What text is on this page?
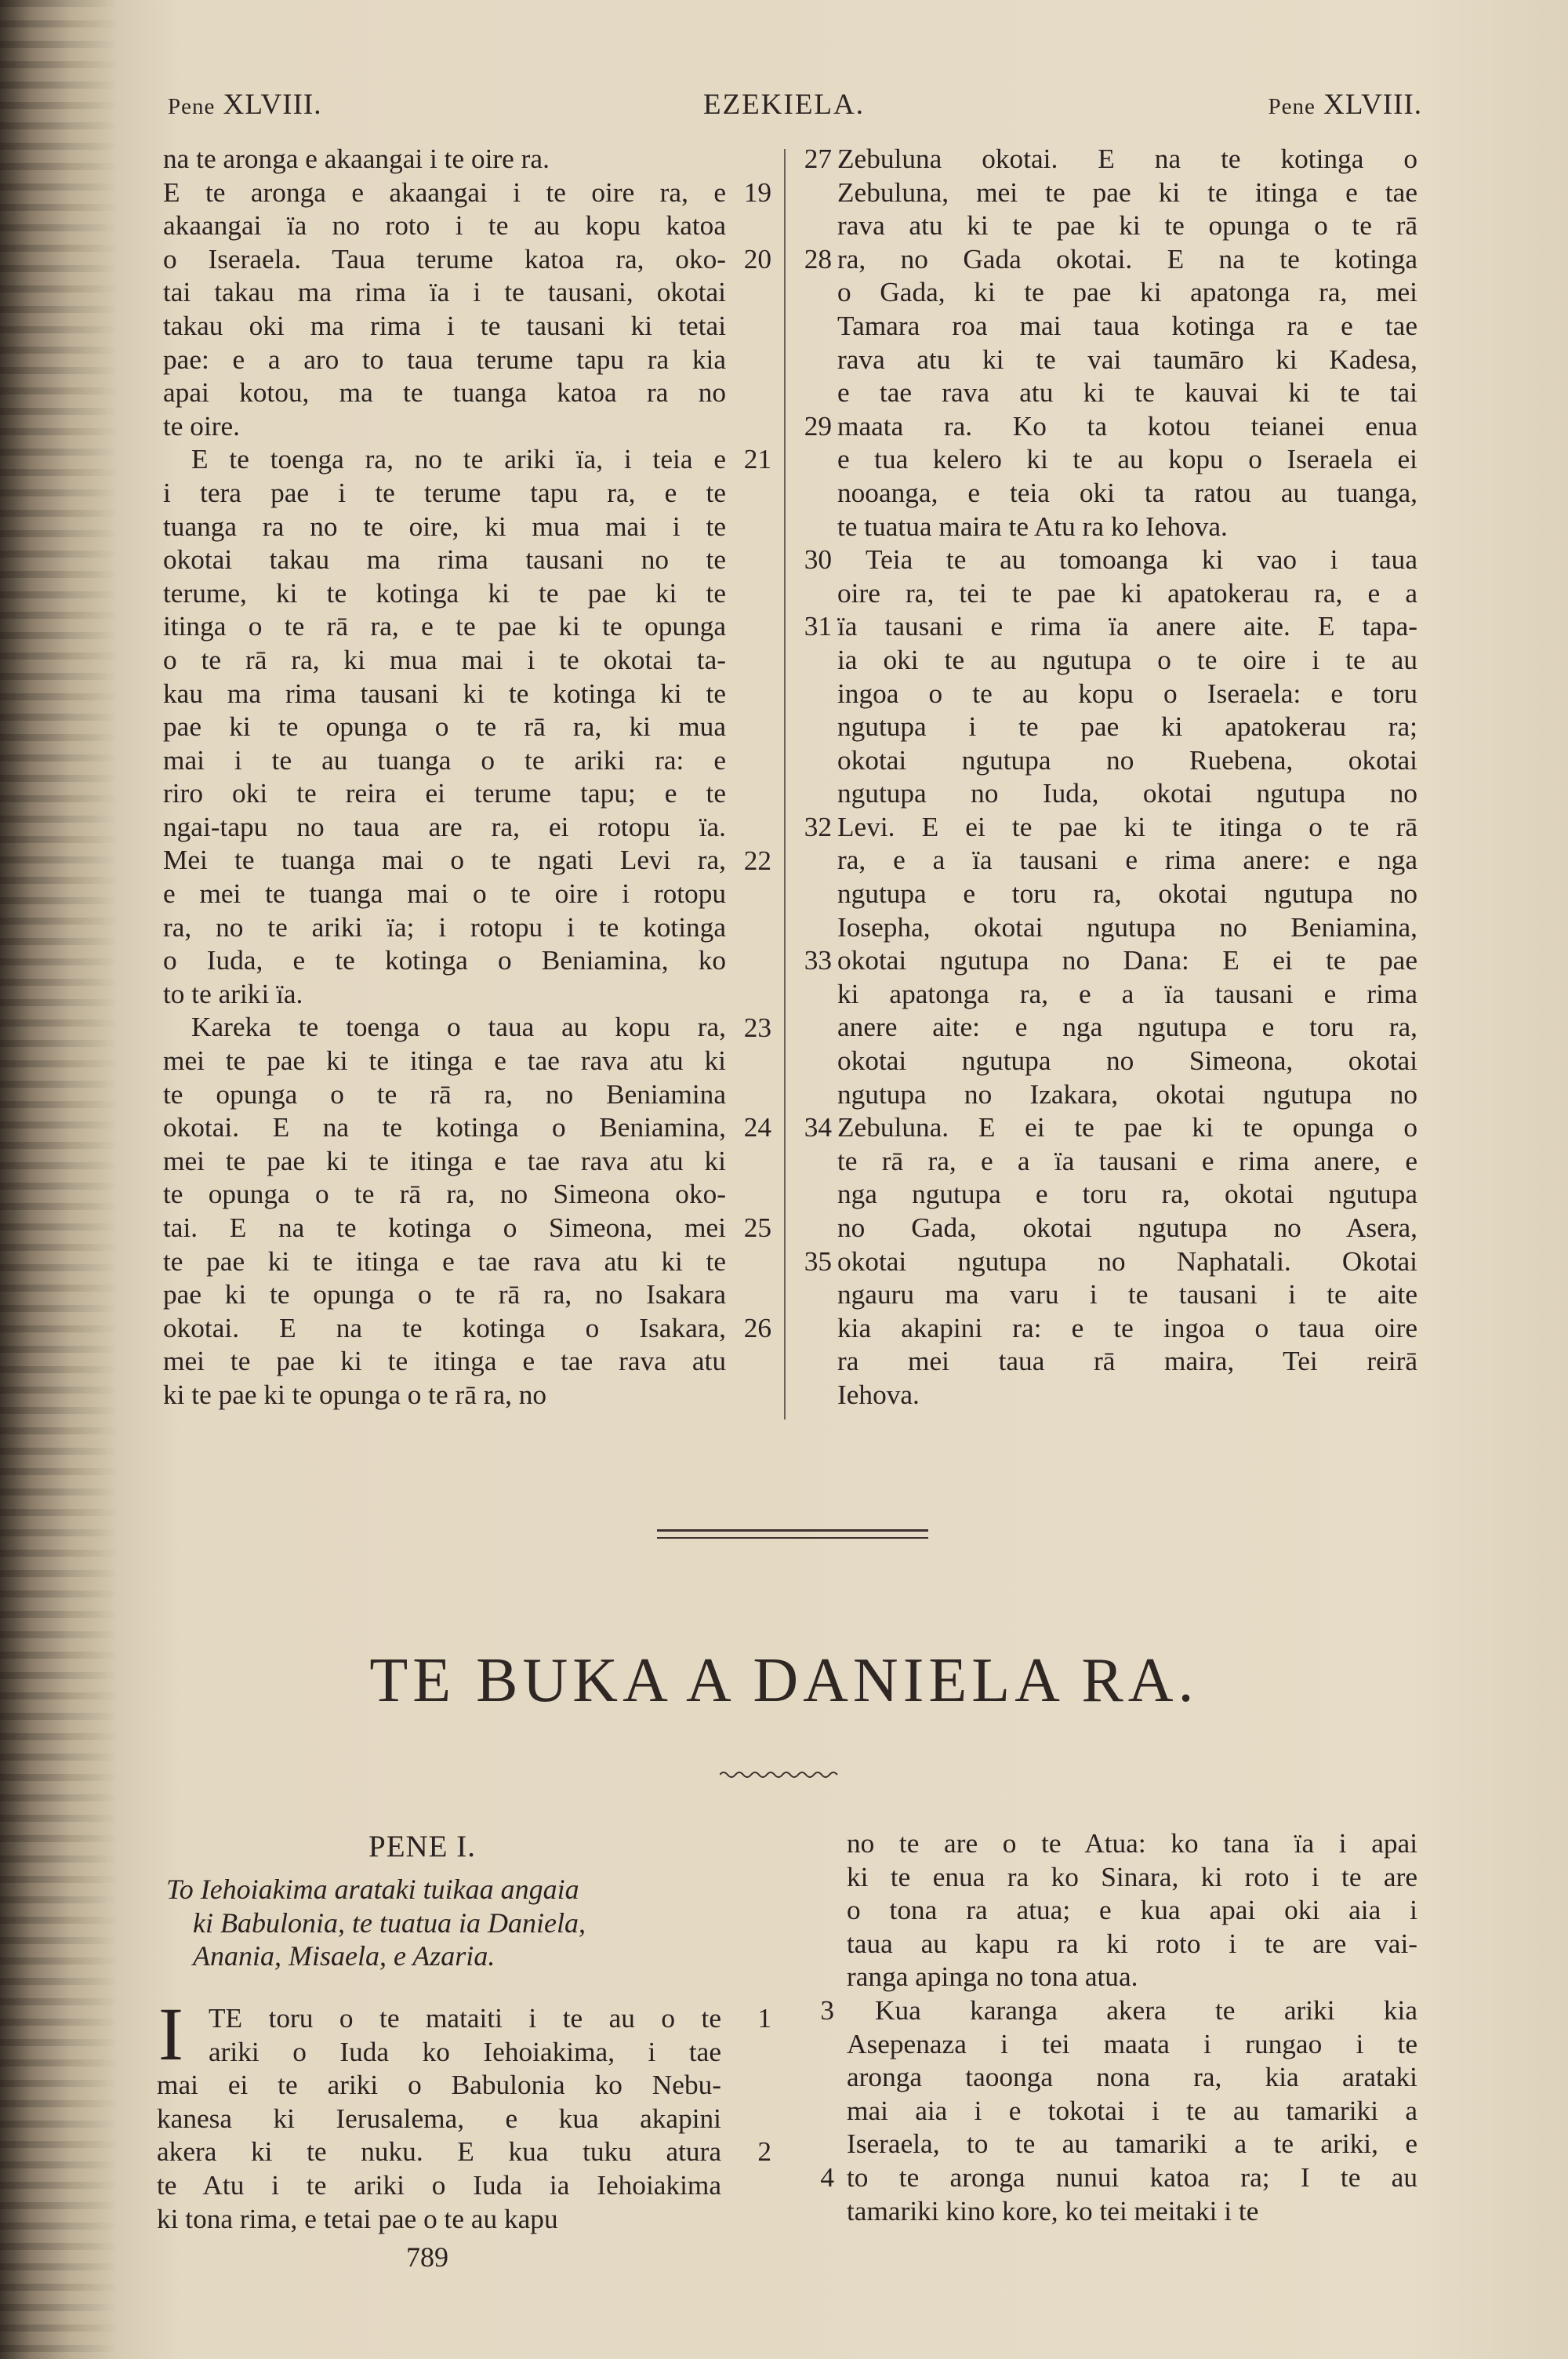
Pene XLVIII.	EZEKIELA.	Pene XLVIII.
na te aronga e akaangai i te oire ra.
E te aronga e akaangai i te oire ra, e
akaangai ïa no roto i te au kopu katoa
o Iseraela. Taua terume katoa ra, oko-
tai takau ma rima ïa i te tausani, okotai
takau oki ma rima i te tausani ki tetai
pae: e a aro to taua terume tapu ra kia
apai kotou, ma te tuanga katoa ra no
te oire.
E te toenga ra, no te ariki ïa, i teia e
i tera pae i te terume tapu ra, e te
tuanga ra no te oire, ki mua mai i te
okotai takau ma rima tausani no te
terume, ki te kotinga ki te pae ki te
itinga o te rā ra, e te pae ki te opunga
o te rā ra, ki mua mai i te okotai ta-
kau ma rima tausani ki te kotinga ki te
pae ki te opunga o te rā ra, ki mua
mai i te au tuanga o te ariki ra: e
riro oki te reira ei terume tapu; e te
ngai-tapu no taua are ra, ei rotopu ïa.
Mei te tuanga mai o te ngati Levi ra,
e mei te tuanga mai o te oire i rotopu
ra, no te ariki ïa; i rotopu i te kotinga
o Iuda, e te kotinga o Beniamina, ko
to te ariki ïa.
Kareka te toenga o taua au kopu ra,
mei te pae ki te itinga e tae rava atu ki
te opunga o te rā ra, no Beniamina
okotai. E na te kotinga o Beniamina,
mei te pae ki te itinga e tae rava atu ki
te opunga o te rā ra, no Simeona oko-
tai. E na te kotinga o Simeona, mei
te pae ki te itinga e tae rava atu ki te
pae ki te opunga o te rā ra, no Isakara
okotai. E na te kotinga o Isakara,
mei te pae ki te itinga e tae rava atu
ki te pae ki te opunga o te rā ra, no
19
20
21
22
23
24
25
26
27
28
29
30
31
32
33
34
35
Zebuluna okotai. E na te kotinga o
Zebuluna, mei te pae ki te itinga e tae
rava atu ki te pae ki te opunga o te rā
ra, no Gada okotai. E na te kotinga
o Gada, ki te pae ki apatonga ra, mei
Tamara roa mai taua kotinga ra e tae
rava atu ki te vai taumāro ki Kadesa,
e tae rava atu ki te kauvai ki te tai
maata ra. Ko ta kotou teianei enua
e tua kelero ki te au kopu o Iseraela ei
nooanga, e teia oki ta ratou au tuanga,
te tuatua maira te Atu ra ko Iehova.
Teia te au tomoanga ki vao i taua
oire ra, tei te pae ki apatokerau ra, e a
ïa tausani e rima ïa anere aite. E tapa-
ia oki te au ngutupa o te oire i te au
ingoa o te au kopu o Iseraela: e toru
ngutupa i te pae ki apatokerau ra;
okotai ngutupa no Ruebena, okotai
ngutupa no Iuda, okotai ngutupa no
Levi. E ei te pae ki te itinga o te rā
ra, e a ïa tausani e rima anere: e nga
ngutupa e toru ra, okotai ngutupa no
Iosepha, okotai ngutupa no Beniamina,
okotai ngutupa no Dana: E ei te pae
ki apatonga ra, e a ïa tausani e rima
anere aite: e nga ngutupa e toru ra,
okotai ngutupa no Simeona, okotai
ngutupa no Izakara, okotai ngutupa no
Zebuluna. E ei te pae ki te opunga o
te rā ra, e a ïa tausani e rima anere, e
nga ngutupa e toru ra, okotai ngutupa
no Gada, okotai ngutupa no Asera,
okotai ngutupa no Naphatali. Okotai
ngauru ma varu i te tausani i te aite
kia akapini ra: e te ingoa o taua oire
ra mei taua rā maira, Tei reirā
Iehova.
TE BUKA A DANIELA RA.
PENE I.
To Iehoiakima arataki tuikaa angaia
ki Babulonia, te tuatua ia Daniela,
Anania, Misaela, e Azaria.
I TE toru o te mataiti i te au o te
ariki o Iuda ko Iehoiakima, i tae
mai ei te ariki o Babulonia ko Nebu-
kanesa ki Ierusalema, e kua akapini
akera ki te nuku. E kua tuku atura
te Atu i te ariki o Iuda ia Iehoiakima
ki tona rima, e tetai pae o te au kapu
1
2
3
4
no te are o te Atua: ko tana ïa i apai
ki te enua ra ko Sinara, ki roto i te are
o tona ra atua; e kua apai oki aia i
taua au kapu ra ki roto i te are vai-
ranga apinga no tona atua.
Kua karanga akera te ariki kia
Asepenaza i tei maata i rungao i te
aronga taoonga nona ra, kia arataki
mai aia i e tokotai i te au tamariki a
Iseraela, to te au tamariki a te ariki, e
to te aronga nunui katoa ra; I te au
tamariki kino kore, ko tei meitaki i te
789
